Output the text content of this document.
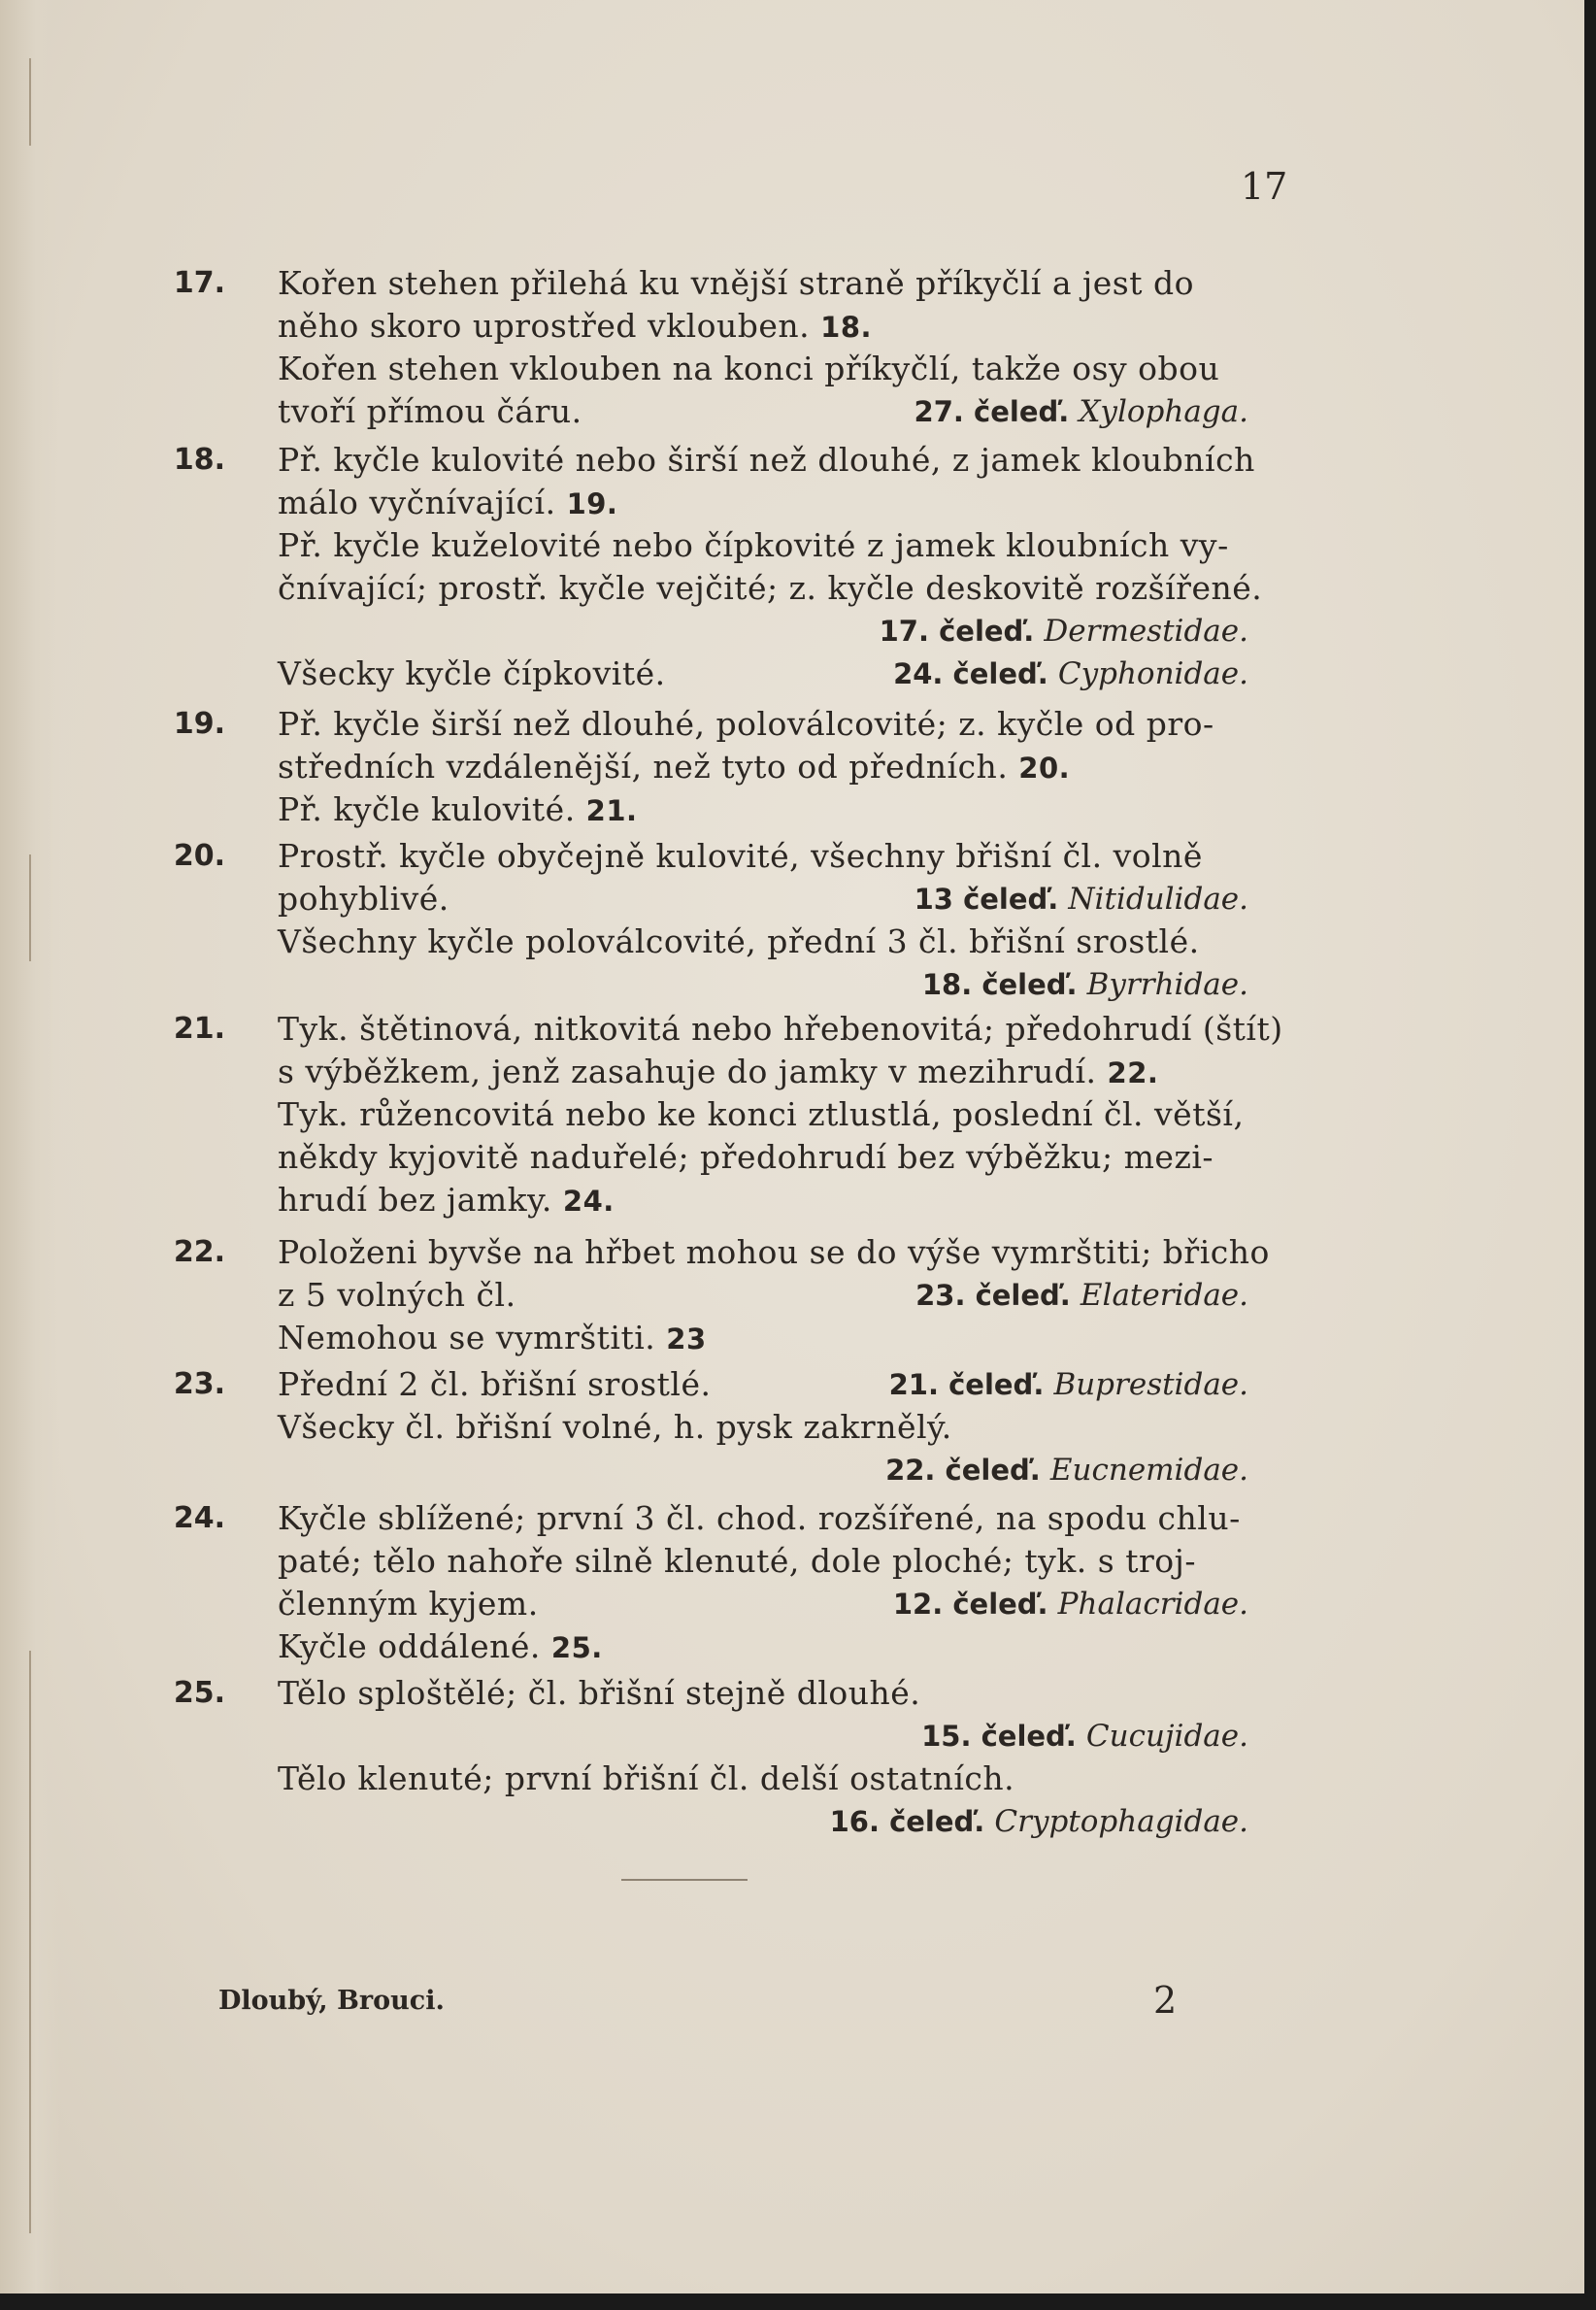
17
17. Kořen stehen přilehá ku vnější straně příkyčlí a jest do
něho skoro uprostřed vklouben. 18.
Kořen stehen vklouben na konci příkyčlí, takže osy obou
tvoří přímou čáru.	27. čeleď. Xylophaga.
18. Př. kyčle kulovité nebo širší než dlouhé, z jamek kloubních
málo vyčnívající. 19.
Př. kyčle kuželovité nebo čípkovité z jamek kloubních vy-
čnívající; prostř. kyčle vejčité; z. kyčle deskovitě rozšířené.
Všecky kyčle čípkovité.
17. čeleď. Dermestidae.
24. čeleď. Cyphonidae.
19. Př. kyčle širší než dlouhé, poloválcovité; z. kyčle od pro-
středních vzdálenější, než tyto od předních. 20.
Př. kyčle kulovité. 21.
20. Prostř. kyčle obyčejně kulovité, všechny břišní čl. volně
pohyblivé.
Všechny kyčle poloválcovité, přední 3 čl. břišní srostlé.
13 čeleď. Nitidulidae.
18. čeleď. Byrrhidae.
21. Tyk. štětinová, nitkovitá nebo hřebenovitá; předohrudí (štít)
s výběžkem, jenž zasahuje do jamky v mezihrudí. 22.
Tyk. růžencovitá nebo ke konci ztlustlá, poslední čl. větší,
někdy kyjovitě naduřelé; předohrudí bez výběžku; mezi-
hrudí bez jamky. 24.
22. Položeni byvše na hřbet mohou se do výše vymrštiti; břicho
z 5 volných čl.
Nemohou se vymrštiti. 23
23. čeleď. Elateridae.
23. Přední 2 čl. břišní srostlé.
Všecky čl. břišní volné, h. pysk zakrnělý.
21. čeleď. Buprestidae.
22. čeleď. Eucnemidae.
24. Kyčle sblížené; první 3 čl. chod. rozšířené, na spodu chlu-
paté; tělo nahoře silně klenuté, dole ploché; tyk. s troj-
členným kyjem.
Kyčle oddálené. 25.
12. čeleď. Phalacridae.
25. Tělo sploštělé; čl. břišní stejně dlouhé.
Tělo klenuté; první břišní čl. delší ostatních.
15. čeleď. Cucujidae.
16. čeleď. Cryptophagidae.
Dloubý, Brouci.	2
